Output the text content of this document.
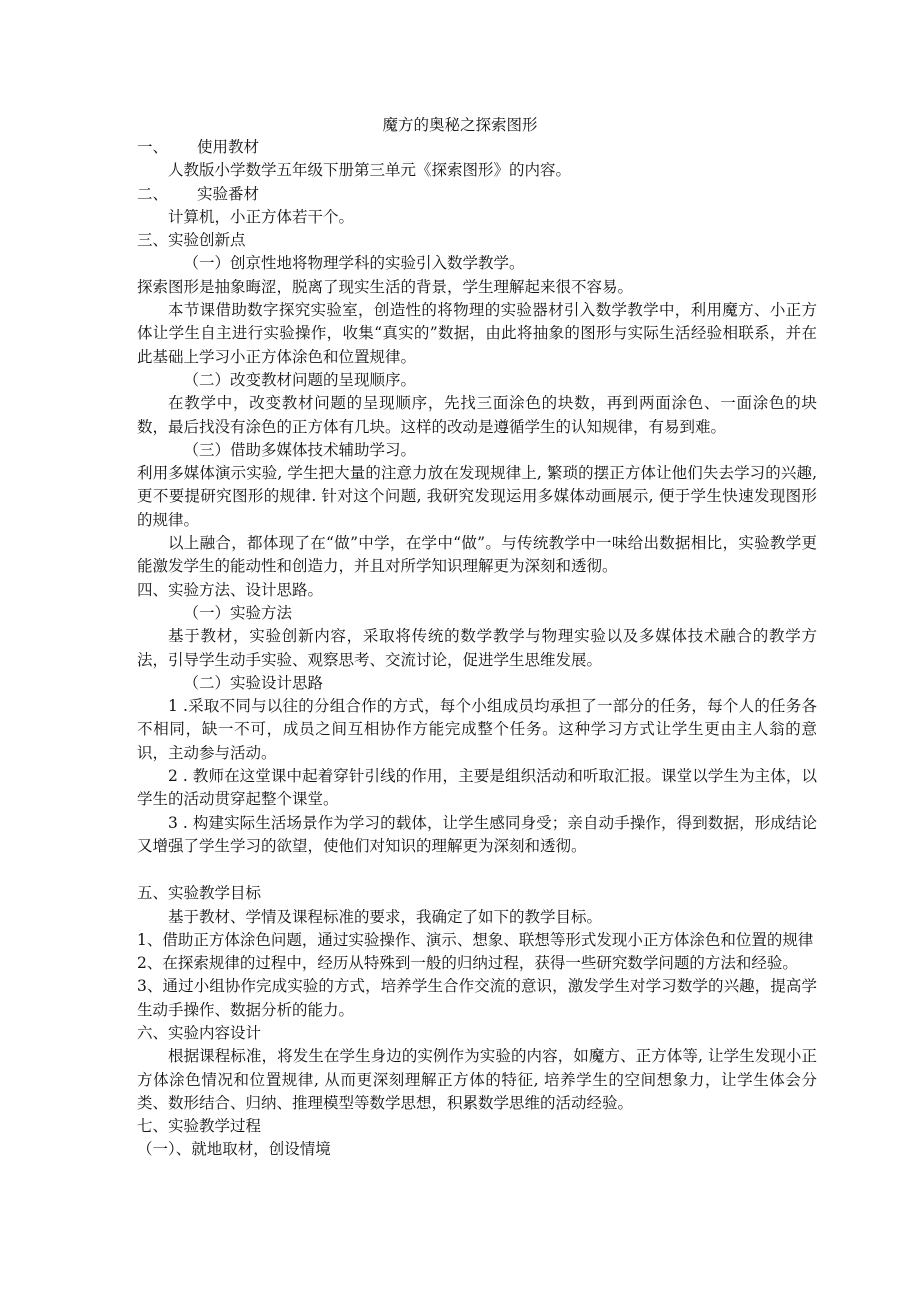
魔方的奥秘之探索图形

一、 使用教材

人教版小学数学五年级下册第三单元《探索图形》的内容。

二、 实验番材

计算机，小正方体若干个。

三、实验创新点

（一）创京性地将物理学科的实验引入数学教学。

探索图形是抽象晦涩，脱离了现实生活的背景，学生理解起来很不容易。

本节课借助数字探究实验室，创造性的将物理的实验器材引入数学教学中，利用魔方、小正方体让学生自主进行实验操作，收集“真实的”数据，由此将抽象的图形与实际生活经验相联系，并在此基础上学习小正方体涂色和位置规律。

（二）改变教材问题的呈现顺序。

在教学中，改变教材问题的呈现顺序，先找三面涂色的块数，再到两面涂色、一面涂色的块数，最后找没有涂色的正方体有几块。这样的改动是遵循学生的认知规律，有易到难。

（三）借助多媒体技术辅助学习。

利用多媒体演示实验, 学生把大量的注意力放在发现规律上, 繁琐的摆正方体让他们失去学习的兴趣, 更不要提研究图形的规律. 针对这个问题, 我研究发现运用多媒体动画展示, 便于学生快速发现图形的规律。

以上融合，都体现了在“做”中学，在学中“做”。与传统教学中一味给出数据相比，实验教学更能激发学生的能动性和创造力，并且对所学知识理解更为深刻和透彻。

四、实验方法、设计思路。

（一）实验方法

基于教材，实验创新内容，采取将传统的数学教学与物理实验以及多媒体技术融合的教学方法，引导学生动手实验、观察思考、交流讨论，促进学生思维发展。

（二）实验设计思路

1 .采取不同与以往的分组合作的方式，每个小组成员均承担了一部分的任务，每个人的任务各不相同，缺一不可，成员之间互相协作方能完成整个任务。这种学习方式让学生更由主人翁的意识，主动参与活动。

2 . 教师在这堂课中起着穿针引线的作用，主要是组织活动和听取汇报。课堂以学生为主体，以学生的活动贯穿起整个课堂。

3 . 构建实际生活场景作为学习的载体，让学生感同身受；亲自动手操作，得到数据，形成结论又增强了学生学习的欲望，使他们对知识的理解更为深刻和透彻。

五、实验教学目标

基于教材、学情及课程标准的要求，我确定了如下的教学目标。

1、借助正方体涂色问题，通过实验操作、演示、想象、联想等形式发现小正方体涂色和位置的规律

2、在探索规律的过程中，经历从特殊到一般的归纳过程，获得一些研究数学问题的方法和经验。

3、通过小组协作完成实验的方式，培养学生合作交流的意识，激发学生对学习数学的兴趣，提高学生动手操作、数据分析的能力。

六、实验内容设计

根据课程标准，将发生在学生身边的实例作为实验的内容，如魔方、正方体等, 让学生发现小正方体涂色情况和位置规律, 从而更深刻理解正方体的特征, 培养学生的空间想象力，让学生体会分类、数形结合、归纳、推理模型等数学思想，积累数学思维的活动经验。

七、实验教学过程

（一）、就地取材，创设情境
